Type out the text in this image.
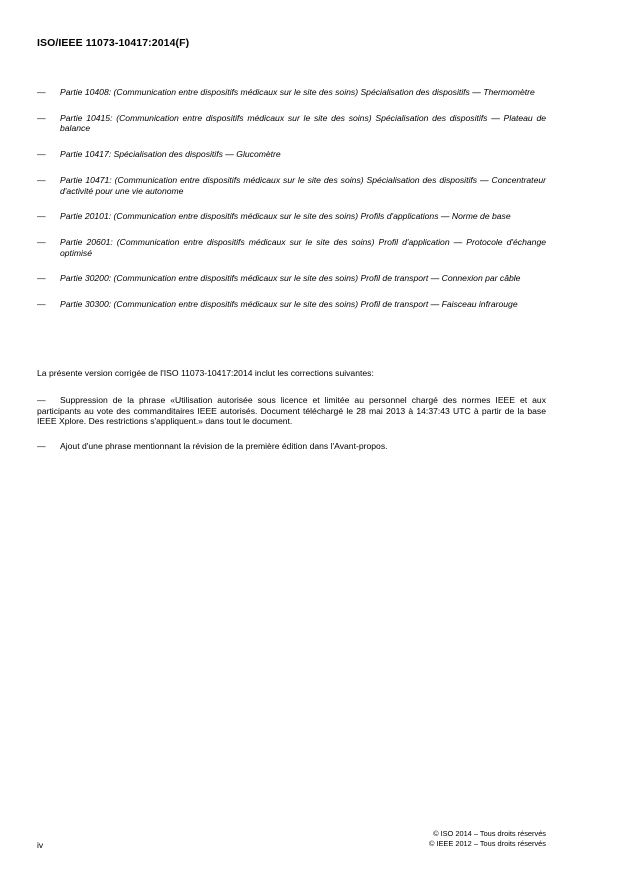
ISO/IEEE 11073-10417:2014(F)
— Partie 10408: (Communication entre dispositifs médicaux sur le site des soins) Spécialisation des dispositifs — Thermomètre
— Partie 10415: (Communication entre dispositifs médicaux sur le site des soins) Spécialisation des dispositifs — Plateau de balance
— Partie 10417: Spécialisation des dispositifs — Glucomètre
— Partie 10471: (Communication entre dispositifs médicaux sur le site des soins) Spécialisation des dispositifs — Concentrateur d'activité pour une vie autonome
— Partie 20101: (Communication entre dispositifs médicaux sur le site des soins) Profils d'applications — Norme de base
— Partie 20601: (Communication entre dispositifs médicaux sur le site des soins) Profil d'application — Protocole d'échange optimisé
— Partie 30200: (Communication entre dispositifs médicaux sur le site des soins) Profil de transport — Connexion par câble
— Partie 30300: (Communication entre dispositifs médicaux sur le site des soins) Profil de transport — Faisceau infrarouge
La présente version corrigée de l'ISO 11073-10417:2014 inclut les corrections suivantes:
— Suppression de la phrase «Utilisation autorisée sous licence et limitée au personnel chargé des normes IEEE et aux participants au vote des commanditaires IEEE autorisés. Document téléchargé le 28 mai 2013 à 14:37:43 UTC à partir de la base IEEE Xplore. Des restrictions s'appliquent.» dans tout le document.
— Ajout d'une phrase mentionnant la révision de la première édition dans l'Avant-propos.
iv
© ISO 2014 – Tous droits réservés
© IEEE 2012 – Tous droits réservés
